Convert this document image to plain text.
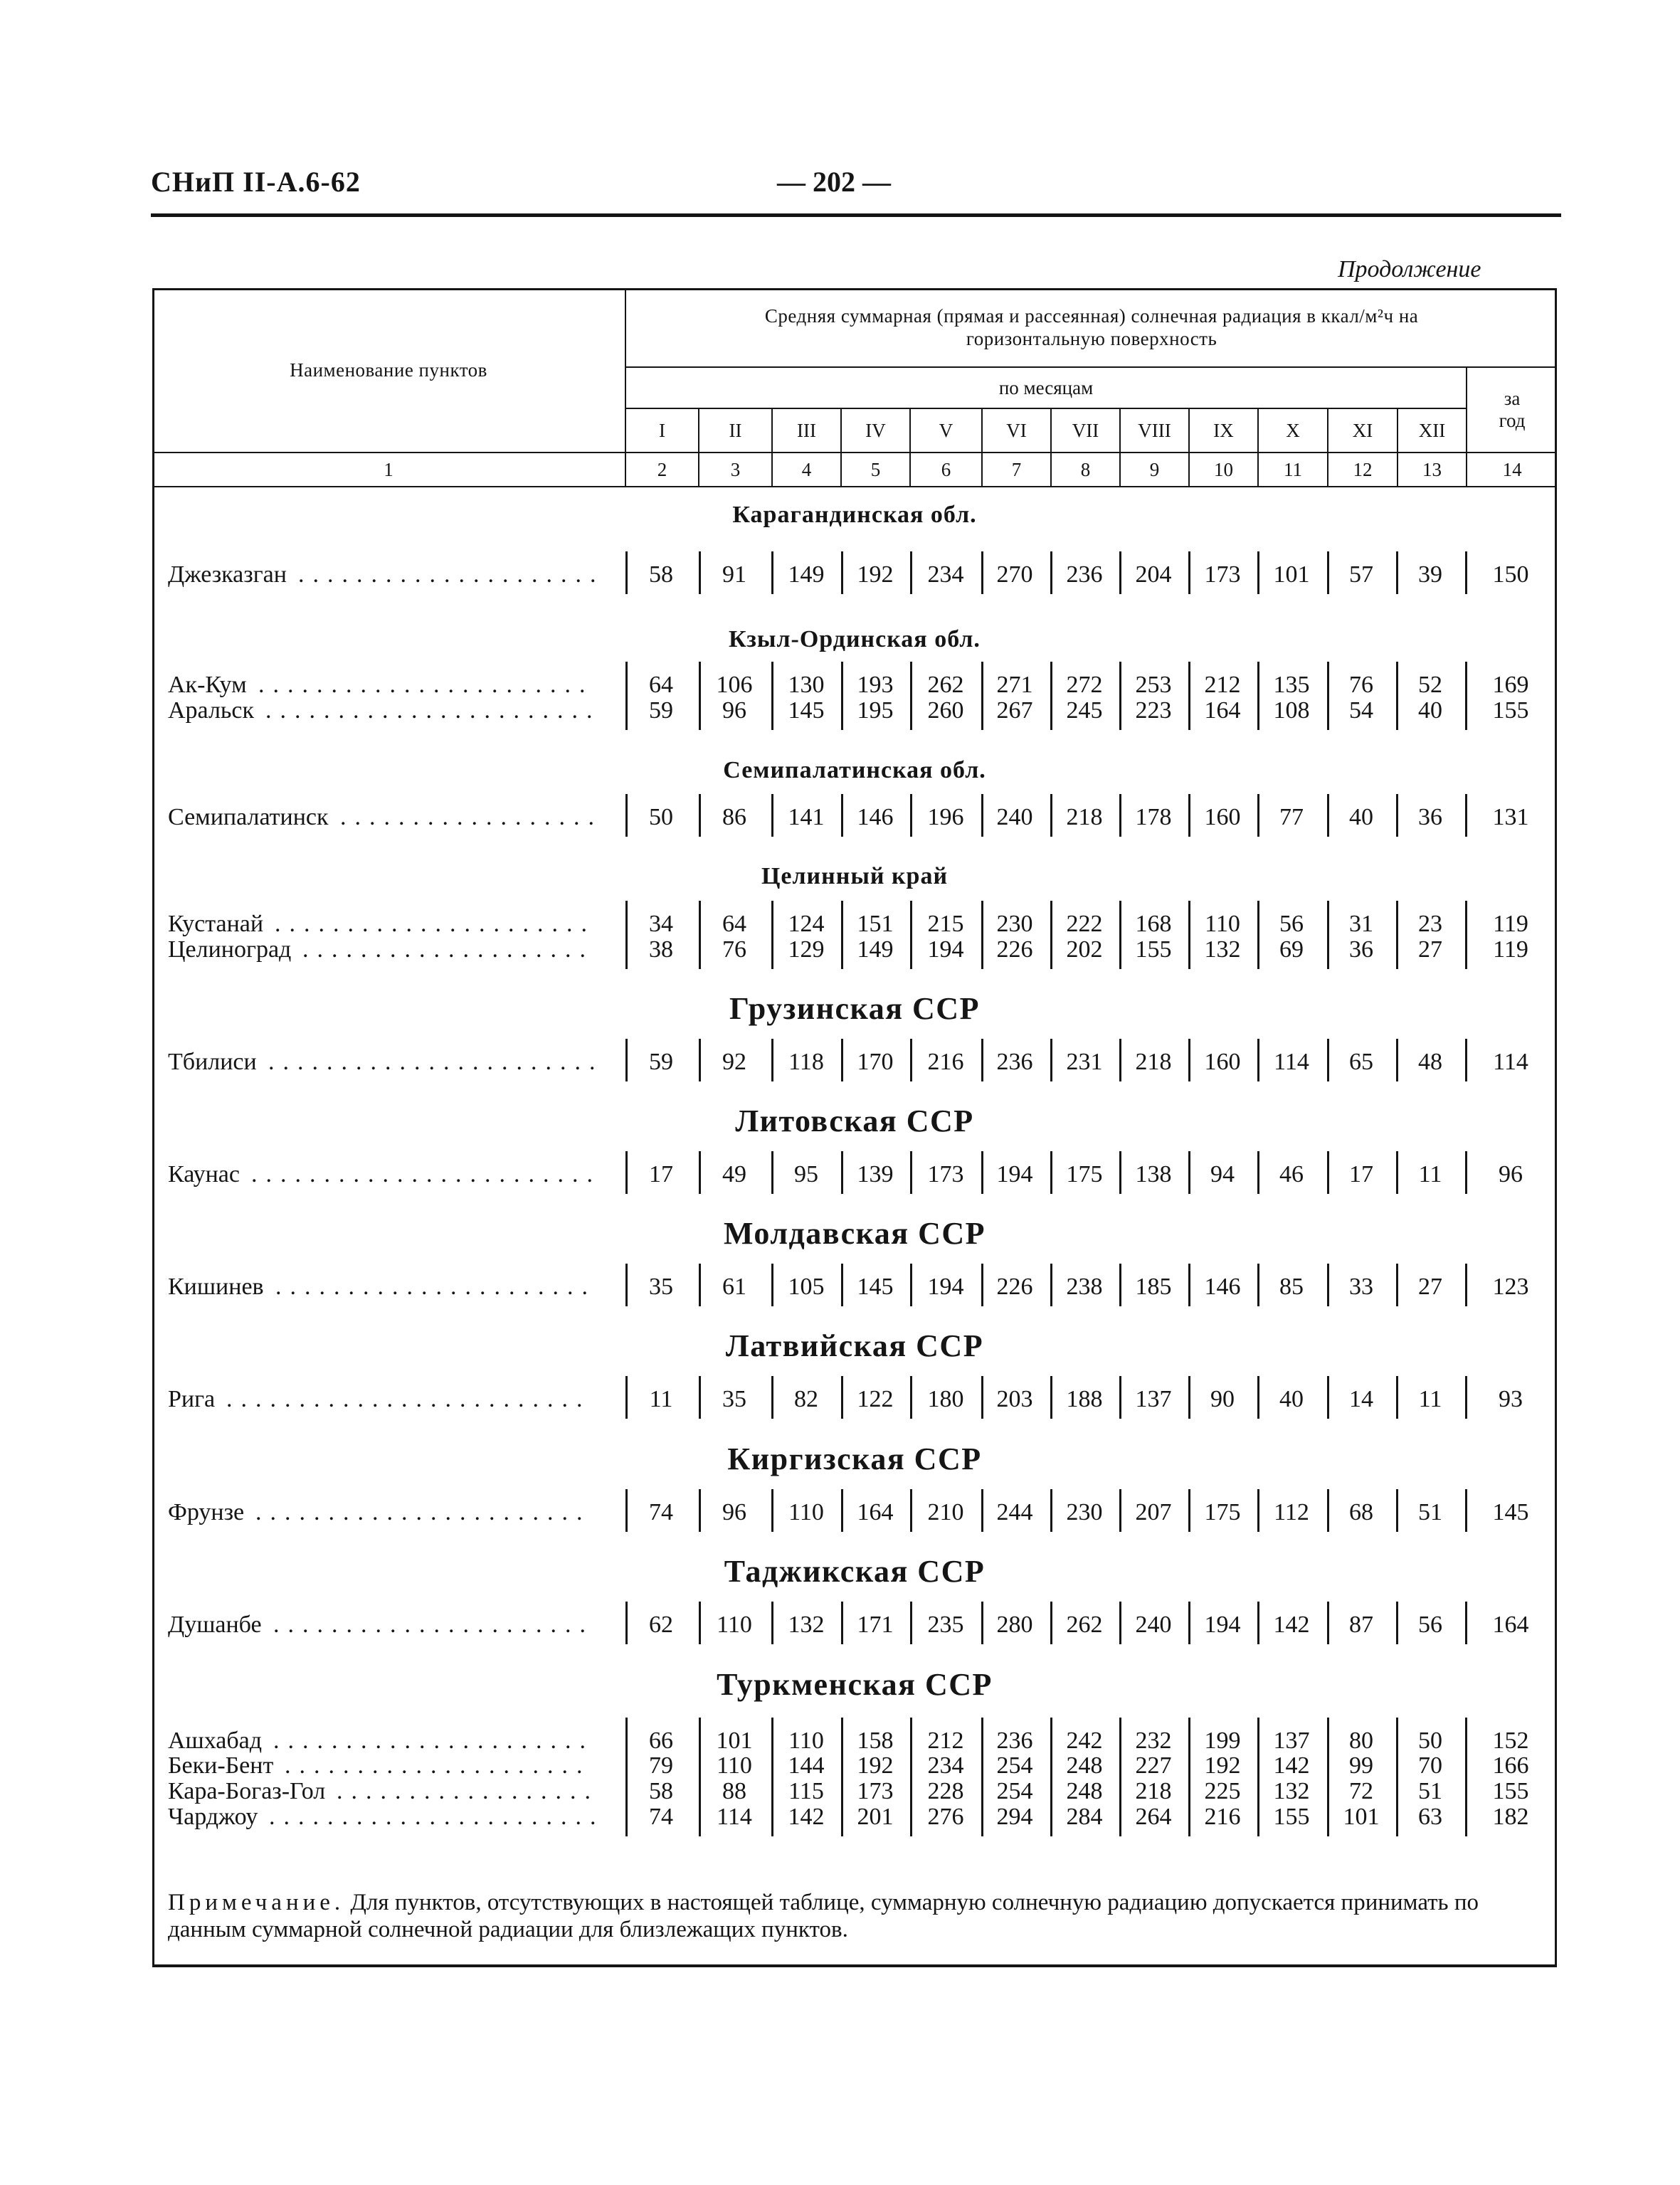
СНиП II-А.6-62	— 202 —
Продолжение
Наименование пунктов	Средняя суммарная (прямая и рассеянная) солнечная радиация в ккал/м²ч на
горизонтальную поверхность												

	по месяцам												за
год

	I	II	III	IV	V	VI	VII	VIII	IX	X	XI	XII	
1	2	3	4	5	6	7	8	9	10	11	12	13	14
Карагандинская обл.
Джезказган .....................	58	91	149	192	234	270	236	204	173	101	57	39	150
Кзыл-Ординская обл.
Ак-Кум .......................	64	106	130	193	262	271	272	253	212	135	76	52	169
Аральск .......................	59	96	145	195	260	267	245	223	164	108	54	40	155
Семипалатинская обл.
Семипалатинск ..................	50	86	141	146	196	240	218	178	160	77	40	36	131
Целинный край
Кустанай ......................	34	64	124	151	215	230	222	168	110	56	31	23	119
Целиноград ....................	38	76	129	149	194	226	202	155	132	69	36	27	119
Грузинская ССР
Тбилиси .......................	59	92	118	170	216	236	231	218	160	114	65	48	114
Литовская ССР
Каунас ........................	17	49	95	139	173	194	175	138	94	46	17	11	96
Молдавская ССР
Кишинев ......................	35	61	105	145	194	226	238	185	146	85	33	27	123
Латвийская ССР
Рига .........................	11	35	82	122	180	203	188	137	90	40	14	11	93
Киргизская ССР
Фрунзе .......................	74	96	110	164	210	244	230	207	175	112	68	51	145
Таджикская ССР
Душанбе ......................	62	110	132	171	235	280	262	240	194	142	87	56	164
Туркменская ССР
Ашхабад ......................	66	101	110	158	212	236	242	232	199	137	80	50	152
Беки-Бент .....................	79	110	144	192	234	254	248	227	192	142	99	70	166
Кара-Богаз-Гол ..................	58	88	115	173	228	254	248	218	225	132	72	51	155
Чарджоу .......................	74	114	142	201	276	294	284	264	216	155	101	63	182
Примечание. Для пунктов, отсутствующих в настоящей таблице, суммарную солнечную радиацию допускается принимать по данным суммарной солнечной радиации для близлежащих пунктов.
